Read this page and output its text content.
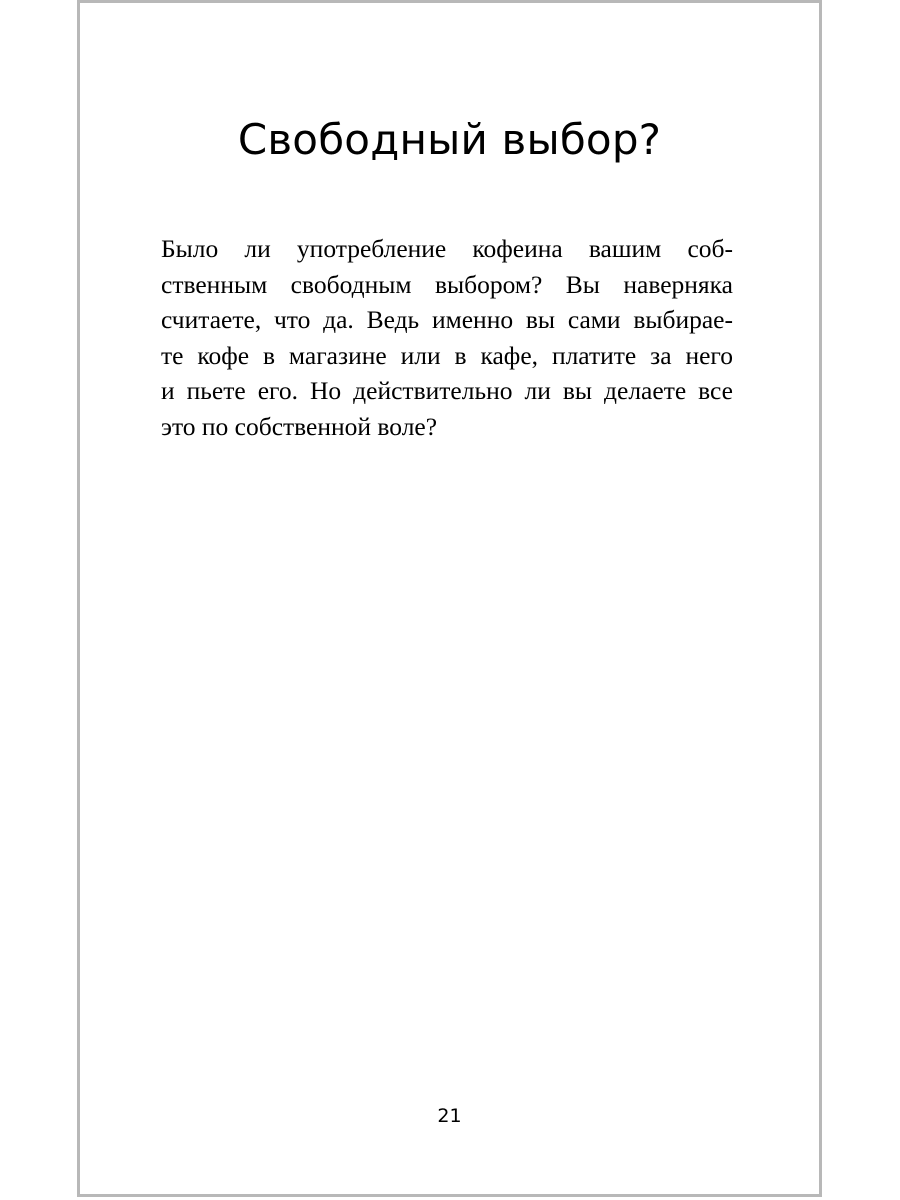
Свободный выбор?
Было ли употребление кофеина вашим соб-
ственным свободным выбором? Вы наверняка
считаете, что да. Ведь именно вы сами выбирае-
те кофе в магазине или в кафе, платите за него
и пьете его. Но действительно ли вы делаете все
это по собственной воле?
21
